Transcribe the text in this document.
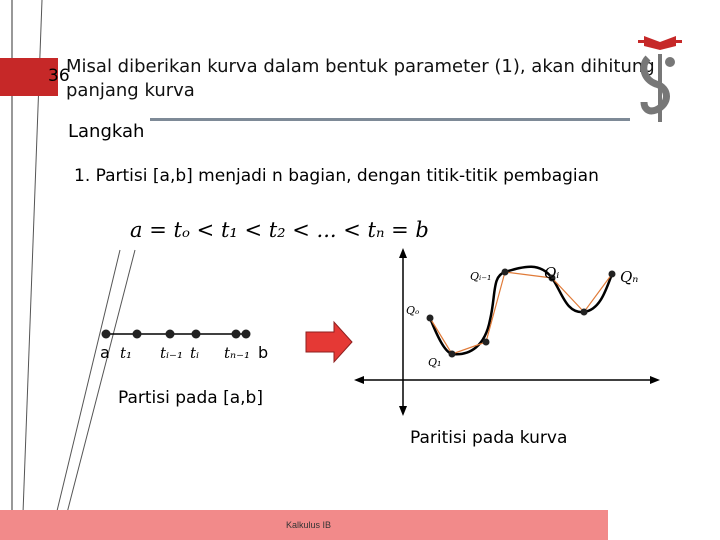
a t₁ tᵢ₋₁ tᵢ tₙ₋₁ b
Qₒ
Q₁
Qᵢ₋₁	Qᵢ	Qₙ
36
Misal diberikan kurva dalam bentuk parameter (1), akan dihitung
panjang kurva
Langkah
1. Partisi [a,b] menjadi n bagian, dengan titik-titik pembagian
a = tₒ < t₁ < t₂ < ... < tₙ = b
Partisi pada [a,b]
Paritisi pada kurva
Kalkulus IB
